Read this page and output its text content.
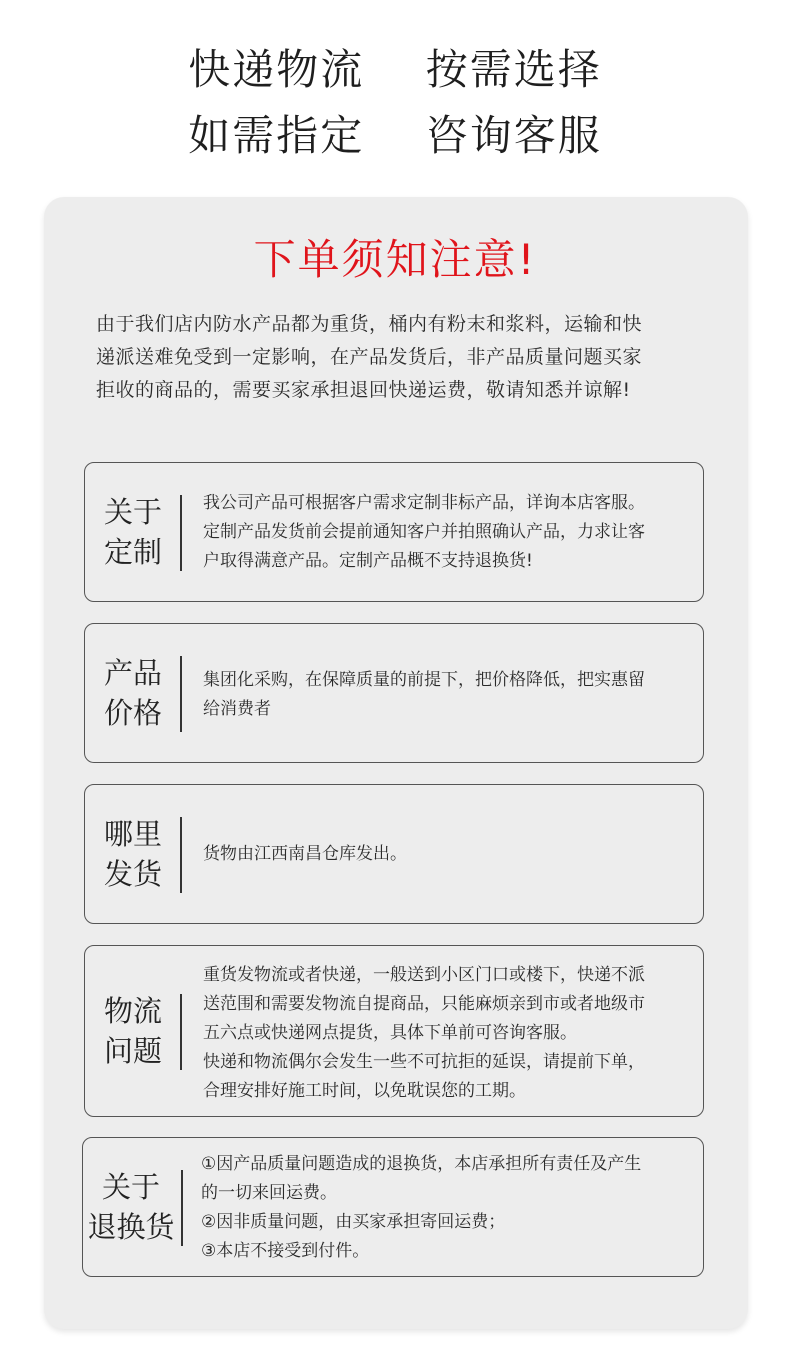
快递物流    按需选择
如需指定    咨询客服
下单须知注意!
由于我们店内防水产品都为重货，桶内有粉末和浆料，运输和快
递派送难免受到一定影响，在产品发货后，非产品质量问题买家
拒收的商品的，需要买家承担退回快递运费，敬请知悉并谅解!
关于
定制
我公司产品可根据客户需求定制非标产品，详询本店客服。
定制产品发货前会提前通知客户并拍照确认产品，力求让客
户取得满意产品。定制产品概不支持退换货!
产品
价格
集团化采购，在保障质量的前提下，把价格降低，把实惠留
给消费者
哪里
发货
货物由江西南昌仓库发出。
物流
问题
重货发物流或者快递，一般送到小区门口或楼下，快递不派
送范围和需要发物流自提商品，只能麻烦亲到市或者地级市
五六点或快递网点提货，具体下单前可咨询客服。
快递和物流偶尔会发生一些不可抗拒的延误，请提前下单，
合理安排好施工时间，以免耽误您的工期。
关于
退换货
①因产品质量问题造成的退换货，本店承担所有责任及产生
的一切来回运费。
②因非质量问题，由买家承担寄回运费；
③本店不接受到付件。
